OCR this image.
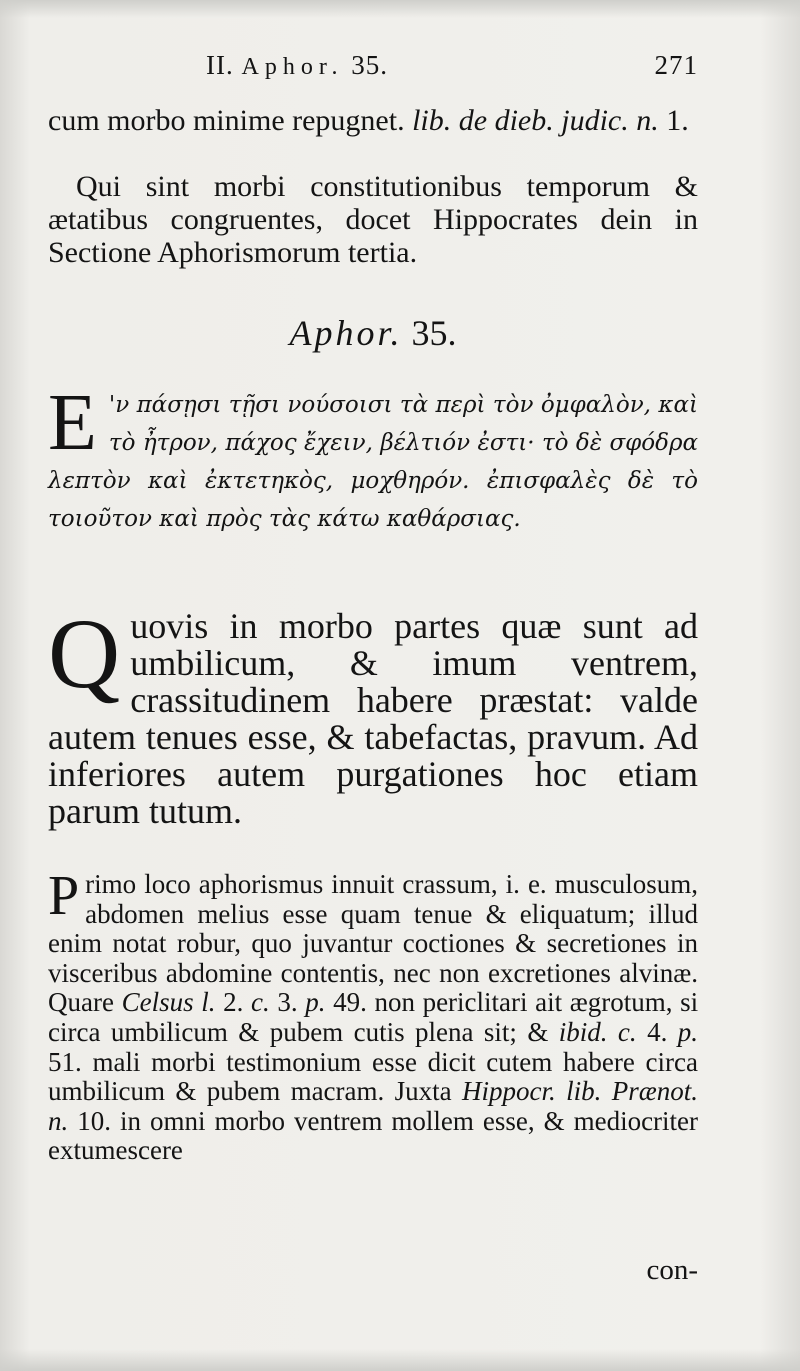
II. Aphor. 35.	271
cum morbo minime repugnet. lib. de dieb. judic. n. 1.
Qui sint morbi constitutionibus temporum & ætatibus congruentes, docet Hippocrates dein in Sectione Aphorismorum tertia.
Aphor. 35.
Ε 'ν πάσῃσι τῇσι νούσοισι τὰ περὶ τὸν ὀμφαλὸν, καὶ τὸ ἦτρον, πάχος ἔχειν, βέλτιόν ἐστι· τὸ δὲ σφόδρα λεπτὸν καὶ ἐκτετηκὸς, μοχθηρόν. ἐπισφαλὲς δὲ τὸ τοιοῦτον καὶ πρὸς τὰς κάτω καθάρσιας.
Q uovis in morbo partes quæ sunt ad umbilicum, & imum ventrem, crassitudinem habere præstat: valde autem tenues esse, & tabefactas, pravum. Ad inferiores autem purgationes hoc etiam parum tutum.
P rimo loco aphorismus innuit crassum, i. e. musculosum, abdomen melius esse quam tenue & eliquatum; illud enim notat robur, quo juvantur coctiones & secretiones in visceribus abdomine contentis, nec non excretiones alvinæ. Quare Celsus l. 2. c. 3. p. 49. non periclitari ait ægrotum, si circa umbilicum & pubem cutis plena sit; & ibid. c. 4. p. 51. mali morbi testimonium esse dicit cutem habere circa umbilicum & pubem macram. Juxta Hippocr. lib. Prænot. n. 10. in omni morbo ventrem mollem esse, & mediocriter extumescere
con-
